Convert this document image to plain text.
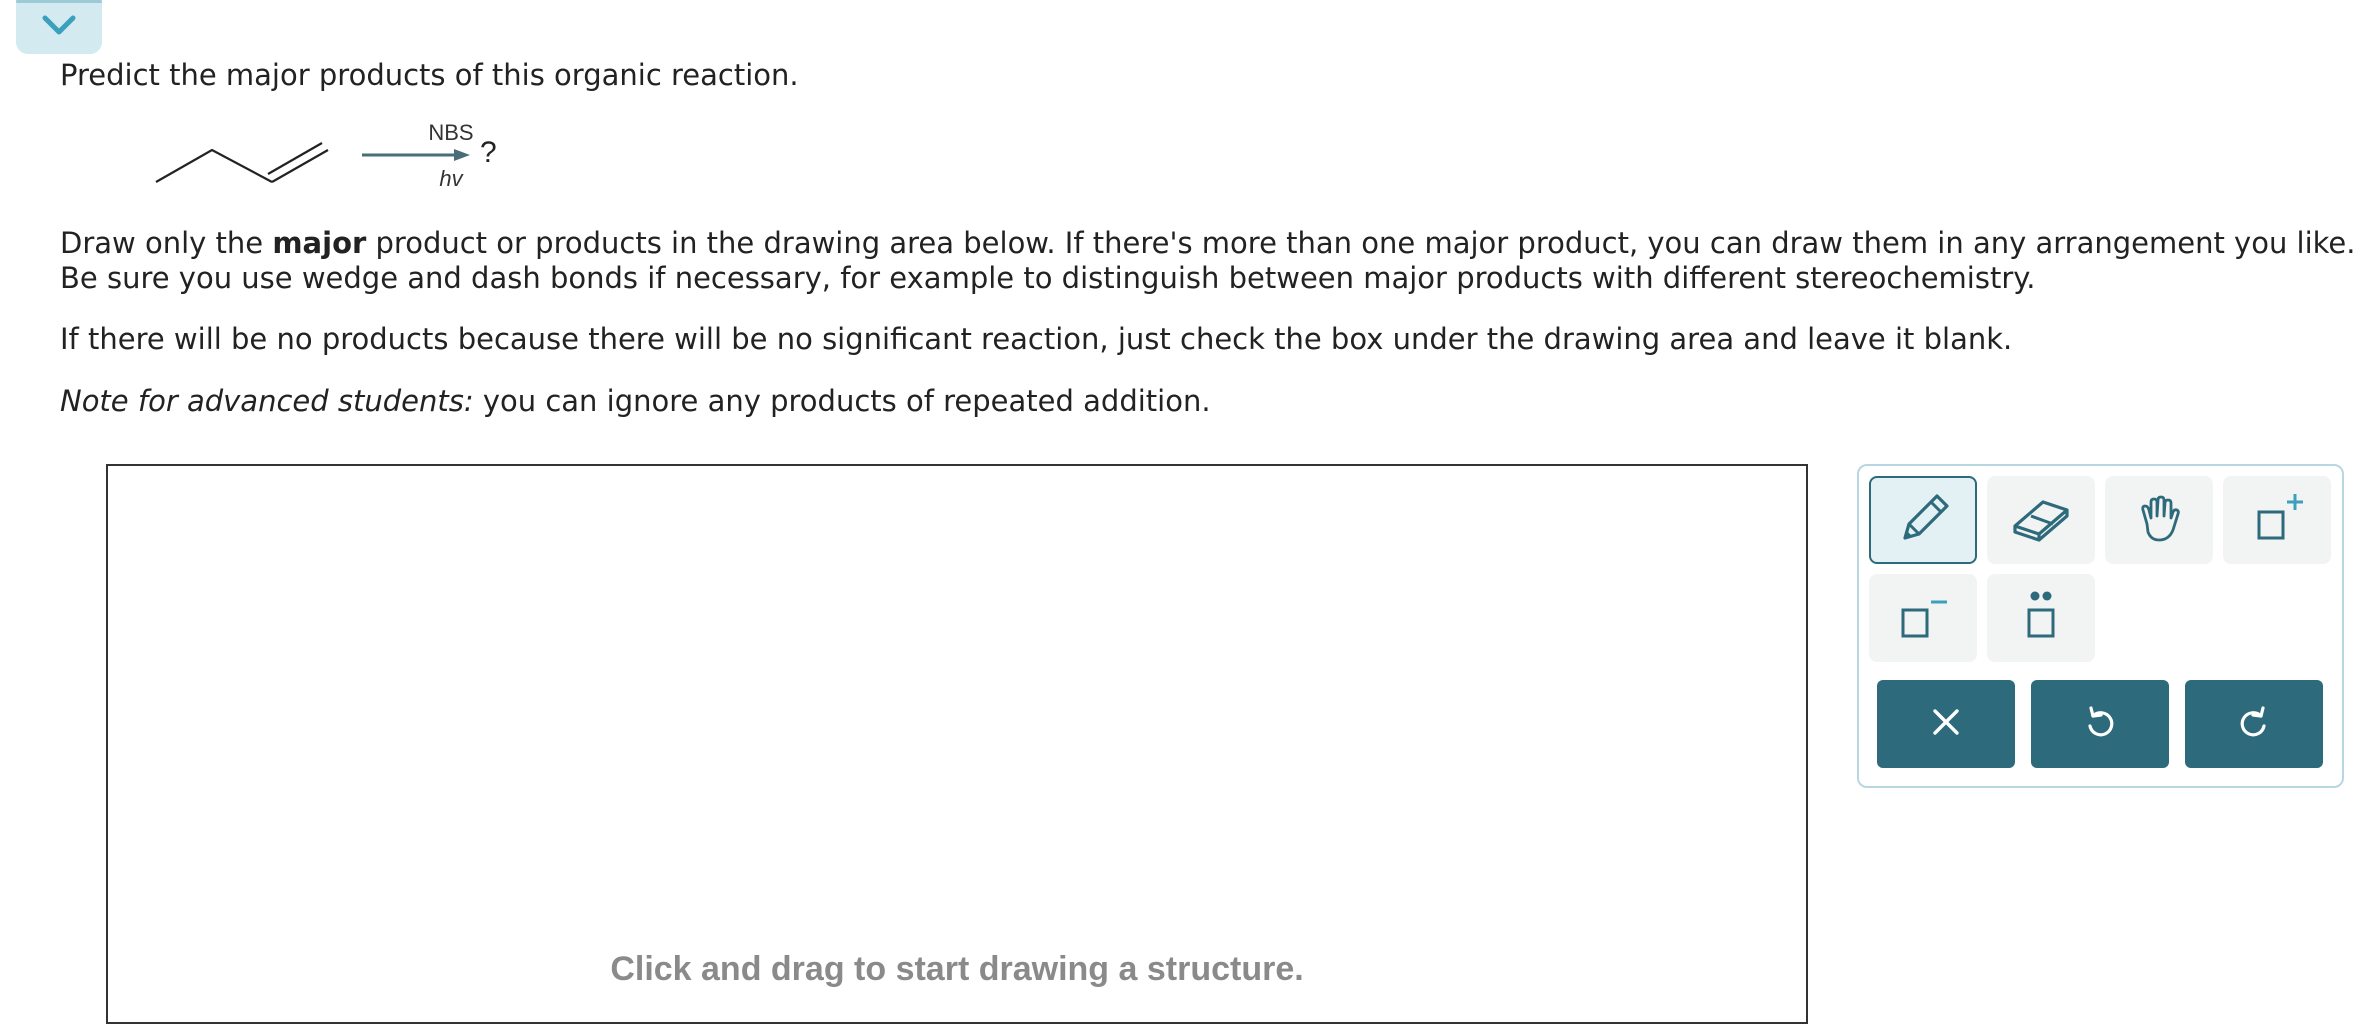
Predict the major products of this organic reaction.
NBS
hv
?
Draw only the major product or products in the drawing area below. If there's more than one major product, you can draw them in any arrangement you like.
Be sure you use wedge and dash bonds if necessary, for example to distinguish between major products with different stereochemistry.
If there will be no products because there will be no significant reaction, just check the box under the drawing area and leave it blank.
Note for advanced students: you can ignore any products of repeated addition.
Click and drag to start drawing a structure.
